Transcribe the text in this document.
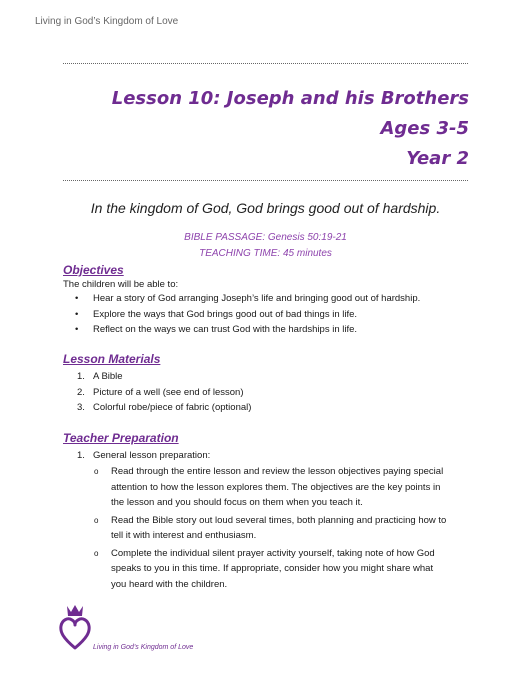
Living in God’s Kingdom of Love
Lesson 10: Joseph and his Brothers
Ages 3-5
Year 2
In the kingdom of God, God brings good out of hardship.
BIBLE PASSAGE: Genesis 50:19-21
TEACHING TIME: 45 minutes
Objectives
The children will be able to:
• Hear a story of God arranging Joseph’s life and bringing good out of hardship.
• Explore the ways that God brings good out of bad things in life.
• Reflect on the ways we can trust God with the hardships in life.
Lesson Materials
1. A Bible
2. Picture of a well (see end of lesson)
3. Colorful robe/piece of fabric (optional)
Teacher Preparation
1. General lesson preparation:
o Read through the entire lesson and review the lesson objectives paying special attention to how the lesson explores them. The objectives are the key points in the lesson and you should focus on them when you teach it.
o Read the Bible story out loud several times, both planning and practicing how to tell it with interest and enthusiasm.
o Complete the individual silent prayer activity yourself, taking note of how God speaks to you in this time. If appropriate, consider how you might share what you heard with the children.
Living in God’s Kingdom of Love
